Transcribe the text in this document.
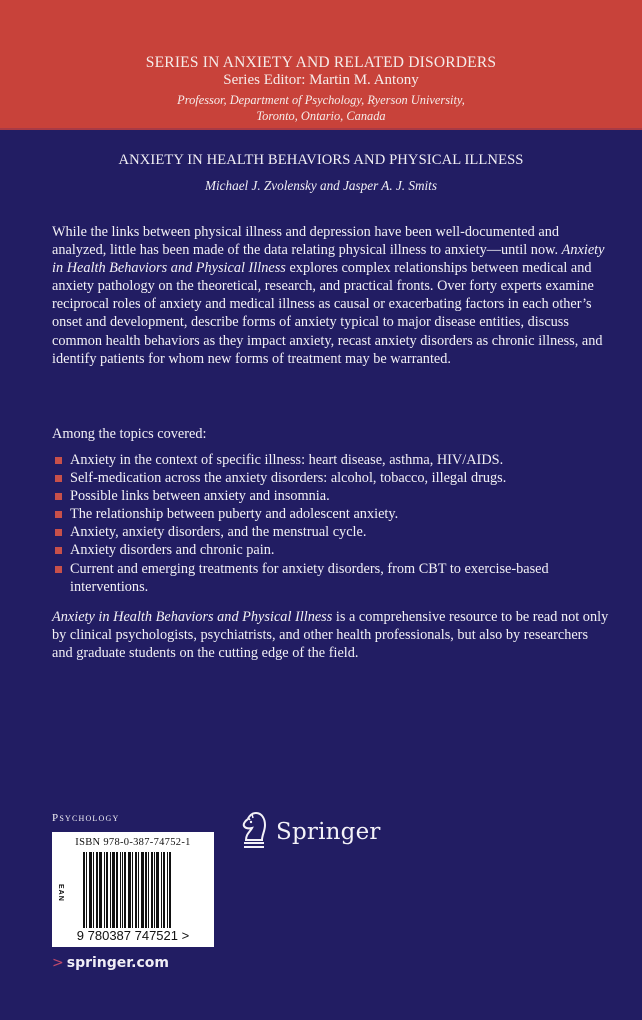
SERIES IN ANXIETY AND RELATED DISORDERS
Series Editor: Martin M. Antony
Professor, Department of Psychology, Ryerson University,
Toronto, Ontario, Canada
ANXIETY IN HEALTH BEHAVIORS AND PHYSICAL ILLNESS
Michael J. Zvolensky and Jasper A. J. Smits

While the links between physical illness and depression have been well-documented and analyzed, little has been made of the data relating physical illness to anxiety—until now. Anxiety in Health Behaviors and Physical Illness explores complex relationships between medical and anxiety pathology on the theoretical, research, and practical fronts. Over forty experts examine reciprocal roles of anxiety and medical illness as causal or exacerbating factors in each other’s onset and development, describe forms of anxiety typical to major disease entities, discuss common health behaviors as they impact anxiety, recast anxiety disorders as chronic illness, and identify patients for whom new forms of treatment may be warranted.

Among the topics covered:
Anxiety in the context of specific illness: heart disease, asthma, HIV/AIDS.
Self-medication across the anxiety disorders: alcohol, tobacco, illegal drugs.
Possible links between anxiety and insomnia.
The relationship between puberty and adolescent anxiety.
Anxiety, anxiety disorders, and the menstrual cycle.
Anxiety disorders and chronic pain.
Current and emerging treatments for anxiety disorders, from CBT to exercise-based interventions.

Anxiety in Health Behaviors and Physical Illness is a comprehensive resource to be read not only by clinical psychologists, psychiatrists, and other health professionals, but also by researchers and graduate students on the cutting edge of the field.

Psychology
ISBN 978-0-387-74752-1
EAN
9 780387 747521 >
> springer.com
Springer
